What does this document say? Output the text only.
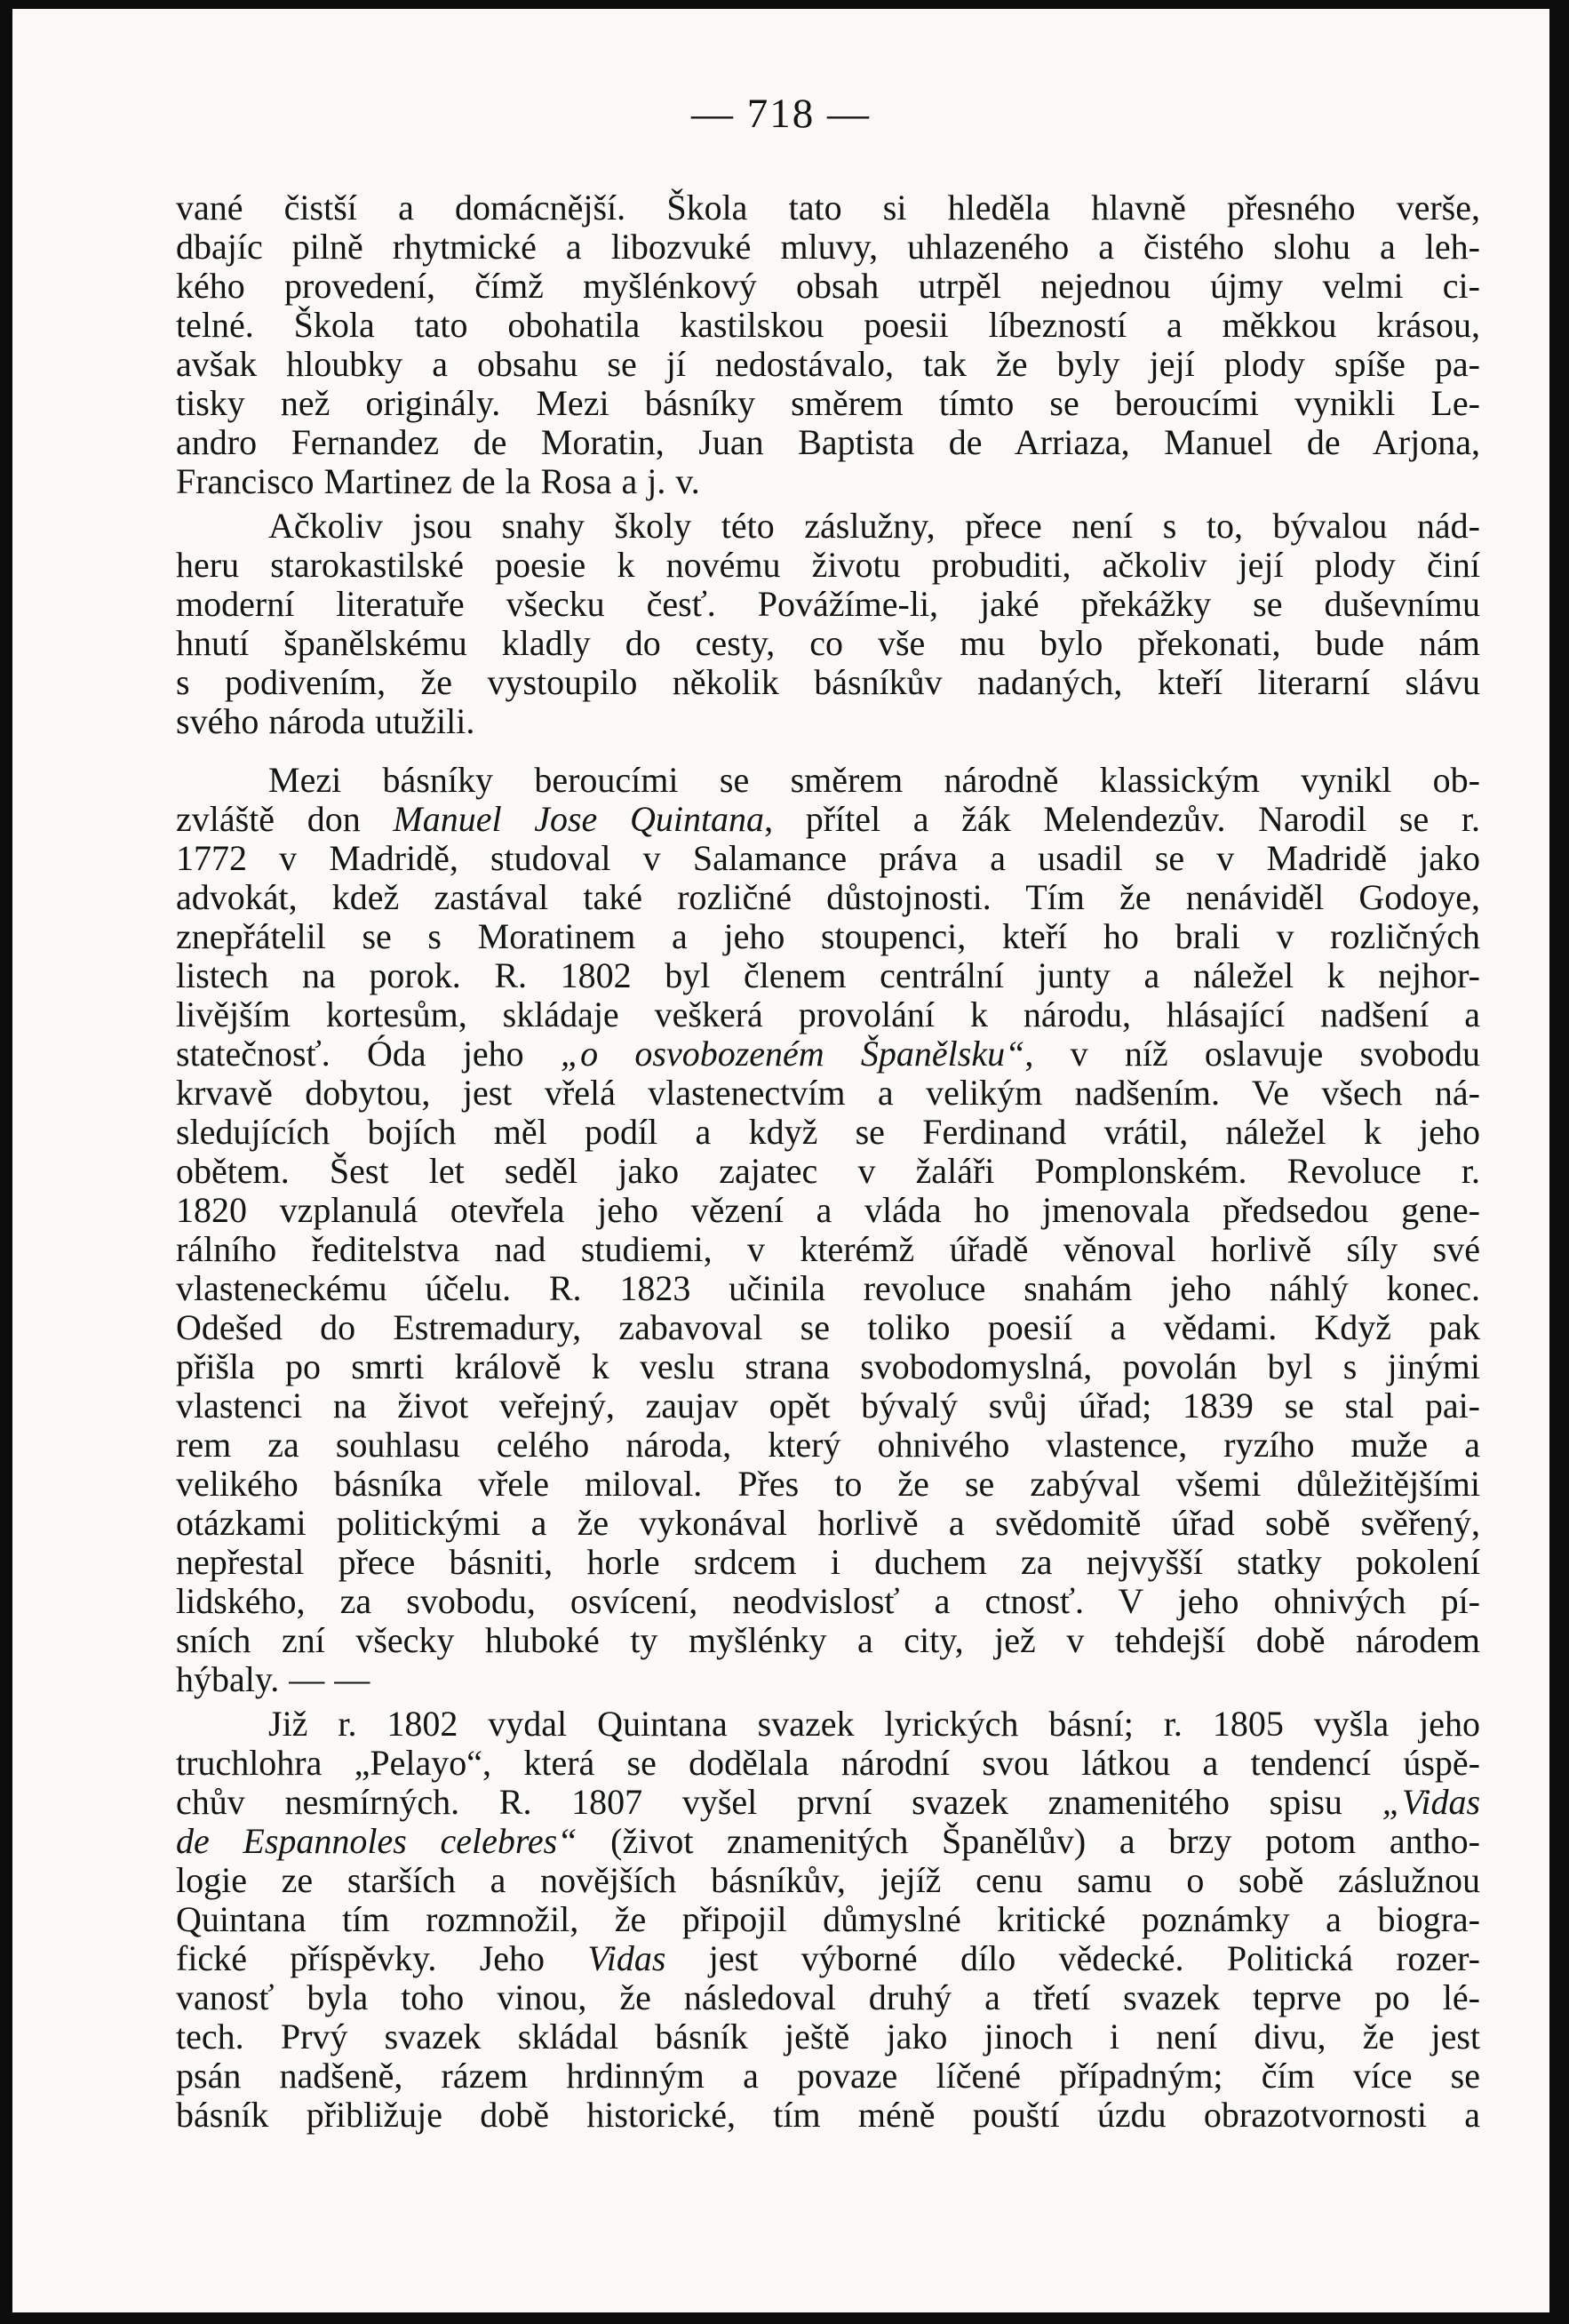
— 718 —

vané čistší a domácnější. Škola tato si hleděla hlavně přesného verše,

dbajíc pilně rhytmické a libozvuké mluvy, uhlazeného a čistého slohu a leh-

kého provedení, čímž myšlénkový obsah utrpěl nejednou újmy velmi ci-

telné. Škola tato obohatila kastilskou poesii líbezností a měkkou krásou,

avšak hloubky a obsahu se jí nedostávalo, tak že byly její plody spíše pa-

tisky než originály. Mezi básníky směrem tímto se beroucími vynikli Le-

andro Fernandez de Moratin, Juan Baptista de Arriaza, Manuel de Arjona,

Francisco Martinez de la Rosa a j. v.

Ačkoliv jsou snahy školy této záslužny, přece není s to, bývalou nád-

heru starokastilské poesie k novému životu probuditi, ačkoliv její plody činí

moderní literatuře všecku česť. Povážíme-li, jaké překážky se duševnímu

hnutí španělskému kladly do cesty, co vše mu bylo překonati, bude nám

s podivením, že vystoupilo několik básníkův nadaných, kteří literarní slávu

svého národa utužili.

Mezi básníky beroucími se směrem národně klassickým vynikl ob-

zvláště don Manuel Jose Quintana, přítel a žák Melendezův. Narodil se r.

1772 v Madridě, studoval v Salamance práva a usadil se v Madridě jako

advokát, kdež zastával také rozličné důstojnosti. Tím že nenáviděl Godoye,

znepřátelil se s Moratinem a jeho stoupenci, kteří ho brali v rozličných

listech na porok. R. 1802 byl členem centrální junty a náležel k nejhor-

livějším kortesům, skládaje veškerá provolání k národu, hlásající nadšení a

statečnosť. Óda jeho „o osvobozeném Španělsku“, v níž oslavuje svobodu

krvavě dobytou, jest vřelá vlastenectvím a velikým nadšením. Ve všech ná-

sledujících bojích měl podíl a když se Ferdinand vrátil, náležel k jeho

obětem. Šest let seděl jako zajatec v žaláři Pomplonském. Revoluce r.

1820 vzplanulá otevřela jeho vězení a vláda ho jmenovala předsedou gene-

rálního ředitelstva nad studiemi, v kterémž úřadě věnoval horlivě síly své

vlasteneckému účelu. R. 1823 učinila revoluce snahám jeho náhlý konec.

Odešed do Estremadury, zabavoval se toliko poesií a vědami. Když pak

přišla po smrti králově k veslu strana svobodomyslná, povolán byl s jinými

vlastenci na život veřejný, zaujav opět bývalý svůj úřad; 1839 se stal pai-

rem za souhlasu celého národa, který ohnivého vlastence, ryzího muže a

velikého básníka vřele miloval. Přes to že se zabýval všemi důležitějšími

otázkami politickými a že vykonával horlivě a svědomitě úřad sobě svěřený,

nepřestal přece básniti, horle srdcem i duchem za nejvyšší statky pokolení

lidského, za svobodu, osvícení, neodvislosť a ctnosť. V jeho ohnivých pí-

sních zní všecky hluboké ty myšlénky a city, jež v tehdejší době národem

hýbaly. — —

Již r. 1802 vydal Quintana svazek lyrických básní; r. 1805 vyšla jeho

truchlohra „Pelayo“, která se dodělala národní svou látkou a tendencí úspě-

chův nesmírných. R. 1807 vyšel první svazek znamenitého spisu „Vidas

de Espannoles celebres“ (život znamenitých Španělův) a brzy potom antho-

logie ze starších a novějších básníkův, jejíž cenu samu o sobě záslužnou

Quintana tím rozmnožil, že připojil důmyslné kritické poznámky a biogra-

fické příspěvky. Jeho Vidas jest výborné dílo vědecké. Politická rozer-

vanosť byla toho vinou, že následoval druhý a třetí svazek teprve po lé-

tech. Prvý svazek skládal básník ještě jako jinoch i není divu, že jest

psán nadšeně, rázem hrdinným a povaze líčené případným; čím více se

básník přibližuje době historické, tím méně pouští úzdu obrazotvornosti a
